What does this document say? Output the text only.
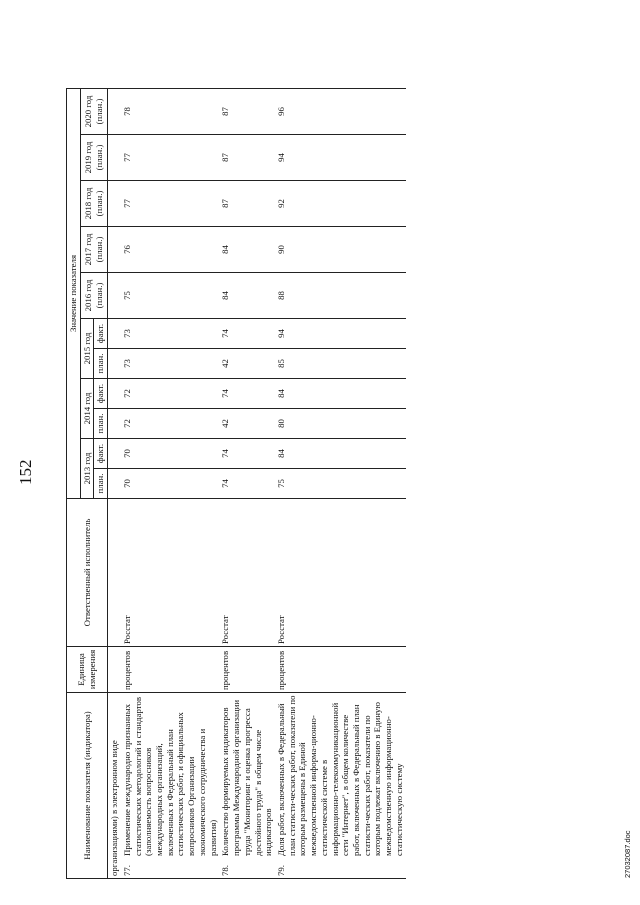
152
Наименование показателя (индикатора)	Единица измерения	Ответственный исполнитель	Значение показателя										
			2013 год		2014 год		2015 год		2016 год (план.)	2017 год (план.)	2018 год (план.)	2019 год (план.)	2020 год (план.)
			план.	факт.	план.	факт.	план.	факт.					

организациями) в электронном виде													

77.
Применение международно признанных статистических методологий и стандартов (заполняемость вопросников международных организаций, включенных в Федеральный план статистических работ, и официальных вопросников Организации экономического сотрудничества и развития)	процентов	Росстат	70	70	72	72	73	73	75	76	77	77	78

78.
Количество формируемых индикаторов программы Международной организации труда "Мониторинг и оценка прогресса достойного труда" в общем числе индикаторов	процентов	Росстат	74	74	42	74	42	74	84	84	87	87	87

79.
Доля работ, включенных в Федеральный план статисти-ческих работ, показатели по которым размещены в Единой межведомственной информа-ционно-статистической системе в информационно-телекоммуникационной сети "Интернет", в общем количестве работ, включенных в Федеральный план статисти-ческих работ, показатели по которым подлежат включению в Единую межведомственную информационно-статистическую систему	процентов	Росстат	75	84	80	84	85	94	88	90	92	94	96
27032087.doc
